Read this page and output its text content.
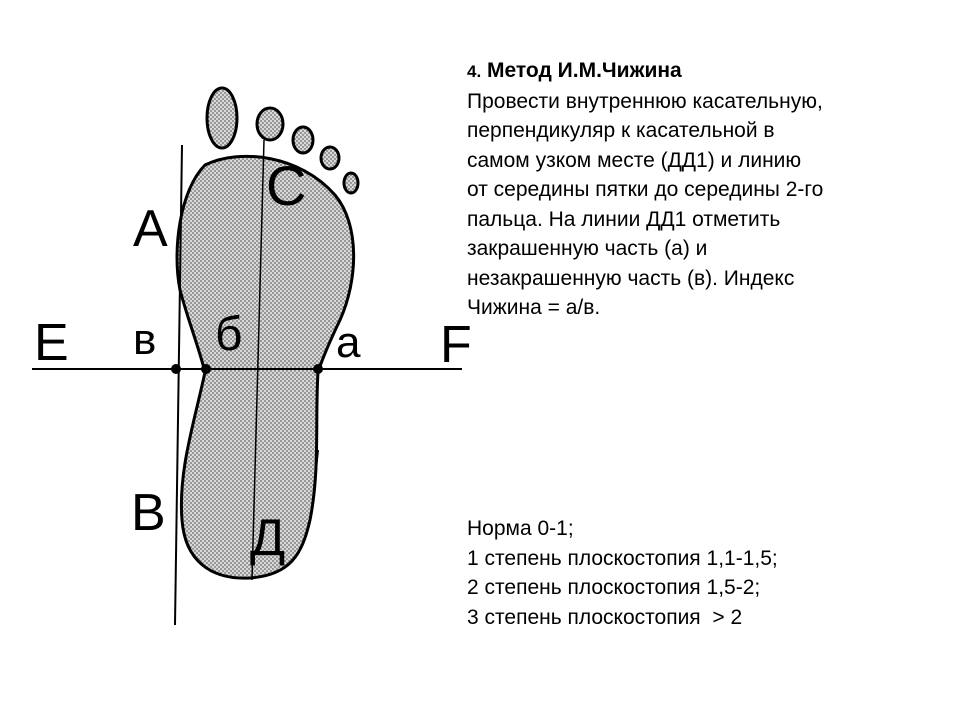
А
С
Е в б а F
В Д

4. Метод И.М.Чижина

Провести внутреннюю касательную,

перпендикуляр к касательной в

самом узком месте (ДД1) и линию

от середины пятки до середины 2-го

пальца. На линии ДД1 отметить

закрашенную часть (а) и

незакрашенную часть (в). Индекс

Чижина = а/в.

Норма 0-1;

1 степень плоскостопия 1,1-1,5;

2 степень плоскостопия 1,5-2;

3 степень плоскостопия  > 2
